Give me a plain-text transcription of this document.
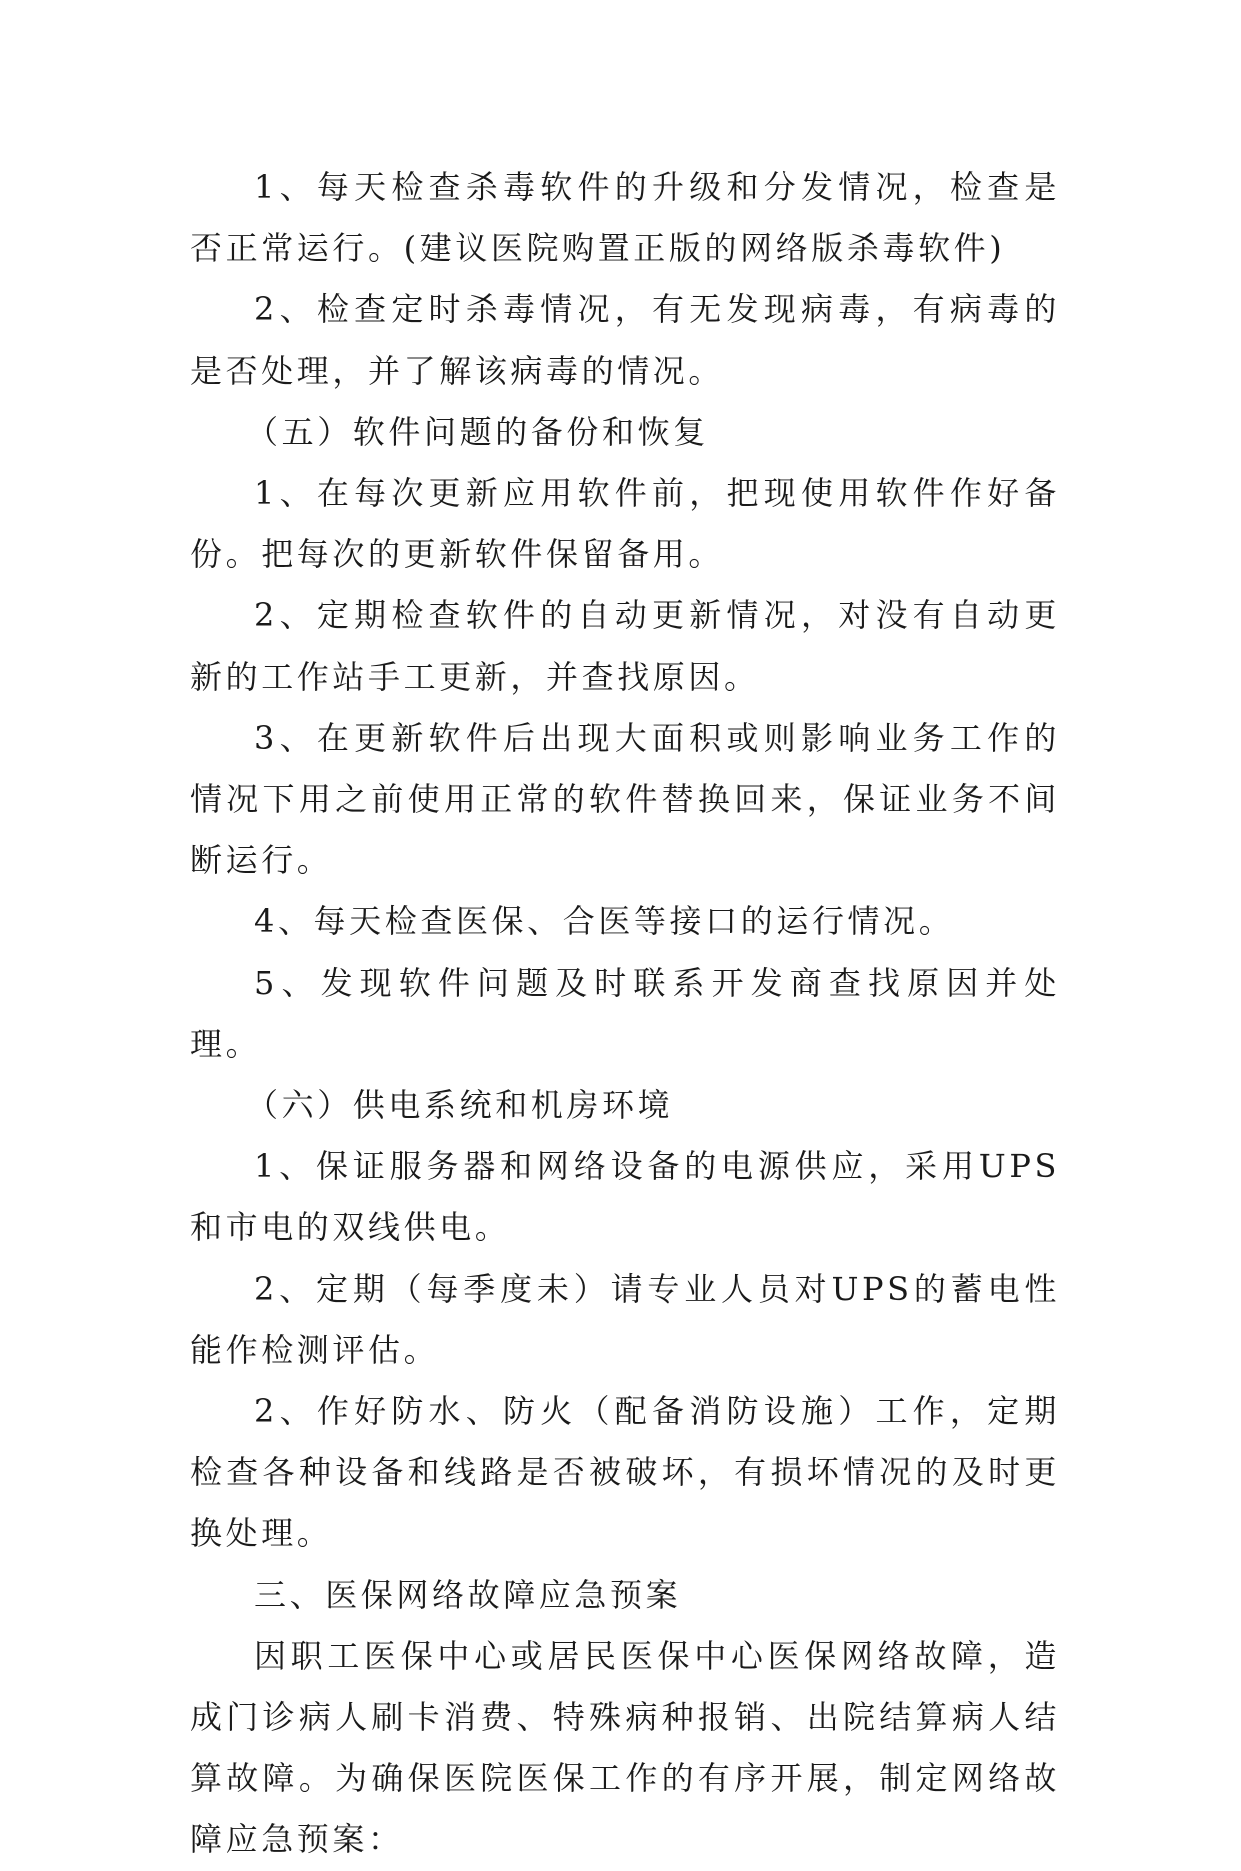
1、每天检查杀毒软件的升级和分发情况，检查是否正常运行。(建议医院购置正版的网络版杀毒软件)

2、检查定时杀毒情况，有无发现病毒，有病毒的是否处理，并了解该病毒的情况。

（五）软件问题的备份和恢复

1、在每次更新应用软件前，把现使用软件作好备份。把每次的更新软件保留备用。

2、定期检查软件的自动更新情况，对没有自动更新的工作站手工更新，并查找原因。

3、在更新软件后出现大面积或则影响业务工作的情况下用之前使用正常的软件替换回来，保证业务不间断运行。

4、每天检查医保、合医等接口的运行情况。

5、发现软件问题及时联系开发商查找原因并处理。

（六）供电系统和机房环境

1、保证服务器和网络设备的电源供应，采用UPS和市电的双线供电。

2、定期（每季度未）请专业人员对UPS的蓄电性能作检测评估。

2、作好防水、防火（配备消防设施）工作，定期检查各种设备和线路是否被破坏，有损坏情况的及时更换处理。

三、医保网络故障应急预案

因职工医保中心或居民医保中心医保网络故障，造成门诊病人刷卡消费、特殊病种报销、出院结算病人结算故障。为确保医院医保工作的有序开展，制定网络故障应急预案：
